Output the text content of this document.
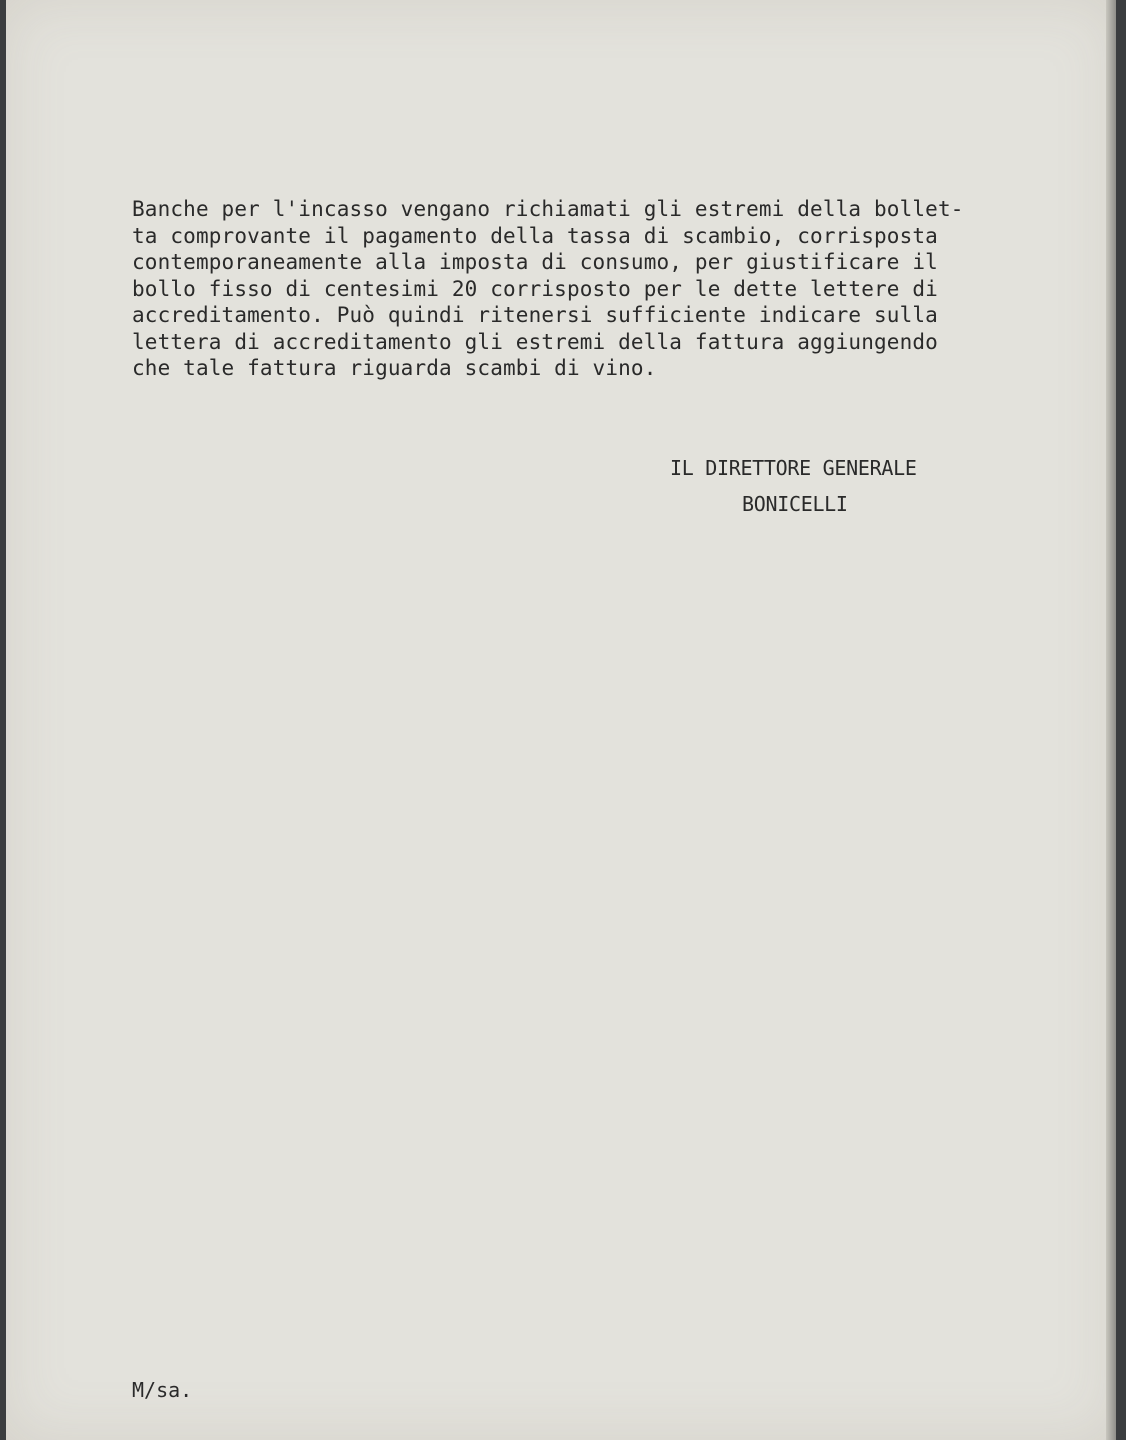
Banche per l'incasso vengano richiamati gli estremi della bollet-
ta comprovante il pagamento della tassa di scambio, corrisposta
contemporaneamente alla imposta di consumo, per giustificare il
bollo fisso di centesimi 20 corrisposto per le dette lettere di
accreditamento. Può quindi ritenersi sufficiente indicare sulla
lettera di accreditamento gli estremi della fattura aggiungendo
che tale fattura riguarda scambi di vino.
IL DIRETTORE GENERALE
BONICELLI
M/sa.
